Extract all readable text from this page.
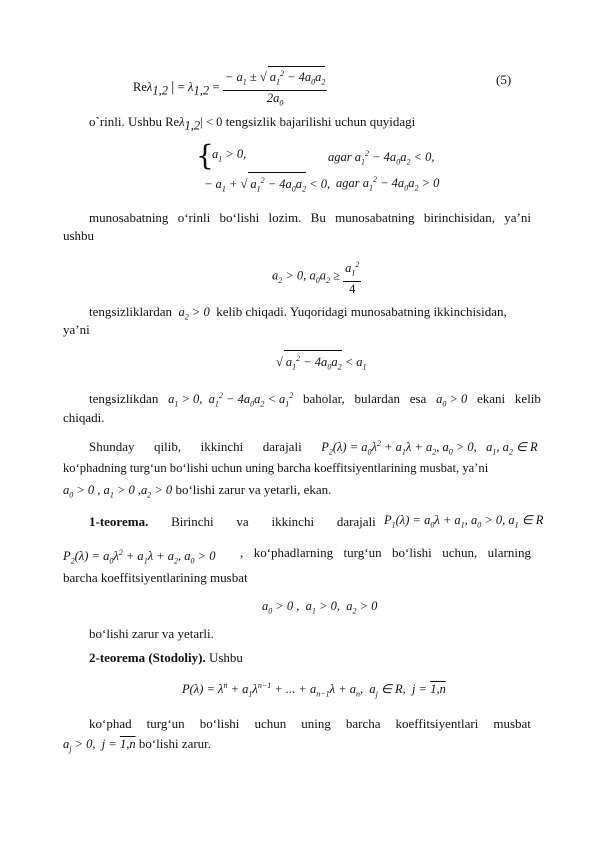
Reλ$_{1,2}$ | = $\lambda_{1,2} = \frac{- a_1 \pm √ a_1^2 - 4a_0a_2}{2a_0}$	(5)
o`rinli. Ushbu Reλ$_{1,2}$| < 0 tengsizlik bajarilishi uchun quyidagi
{
$a_1 > 0$,	agar $a_1^2 - 4a_0a_2 < 0$,
− $a_1$ + √ $a_1^2 - 4a_0a_2 < 0$, agar $a_1^2 - 4a_0a_2 > 0$
munosabatning o‘rinli bo‘lishi lozim. Bu munosabatning birinchisidan, ya’ni
ushbu
$a_2 > 0$, $a_0a_2 \ge \frac{a_1^2}{4}$
tengsizliklardan $a_2 > 0$ kelib chiqadi. Yuqoridagi munosabatning ikkinchisidan,
ya’ni
√ $a_1^2 - 4a_0a_2 < a_1$
tengsizlikdan $a_1 > 0$,  $a_1^2 - 4a_0a_2 < a_1^2$ baholar, bulardan esa $a_0 > 0$ ekani kelib
chiqadi.
Shunday qilib, ikkinchi darajali $P_2(\lambda) = a_0\lambda^2 + a_1\lambda + a_2$, $a_0 > 0$,   $a_1$, $a_2$ ∈ R
ko‘phadning turg‘un bo‘lishi uchun uning barcha koeffitsiyentlarining musbat, ya’ni
$a_0 > 0$ , $a_1 > 0$ $,a_2 > 0$ bo‘lishi zarur va yetarli, ekan.
1-teorema. Birinchi va ikkinchi darajali $P_1(\lambda) = a_0\lambda + a_1$, $a_0 > 0$, $a_1$ ∈ R
$P_2(\lambda) = a_0\lambda^2 + a_1\lambda + a_2$, $a_0 > 0$ , ko‘phadlarning turg‘un bo‘lishi uchun, ularning
barcha koeffitsiyentlarining musbat
$a_0 > 0$ ,  $a_1 > 0$,  $a_2 > 0$
bo‘lishi zarur va yetarli.
2-teorema (Stodoliy). Ushbu
$P(\lambda) = \lambda^n + a_1\lambda^{n-1}$ + ... + $a_{n-1}\lambda + a_n$,  $a_j$ ∈ R,  j = 1,n
ko‘phad turg‘un bo‘lishi uchun uning barcha koeffitsiyentlari musbat
$a_j > 0$,  j = 1,n bo‘lishi zarur.
